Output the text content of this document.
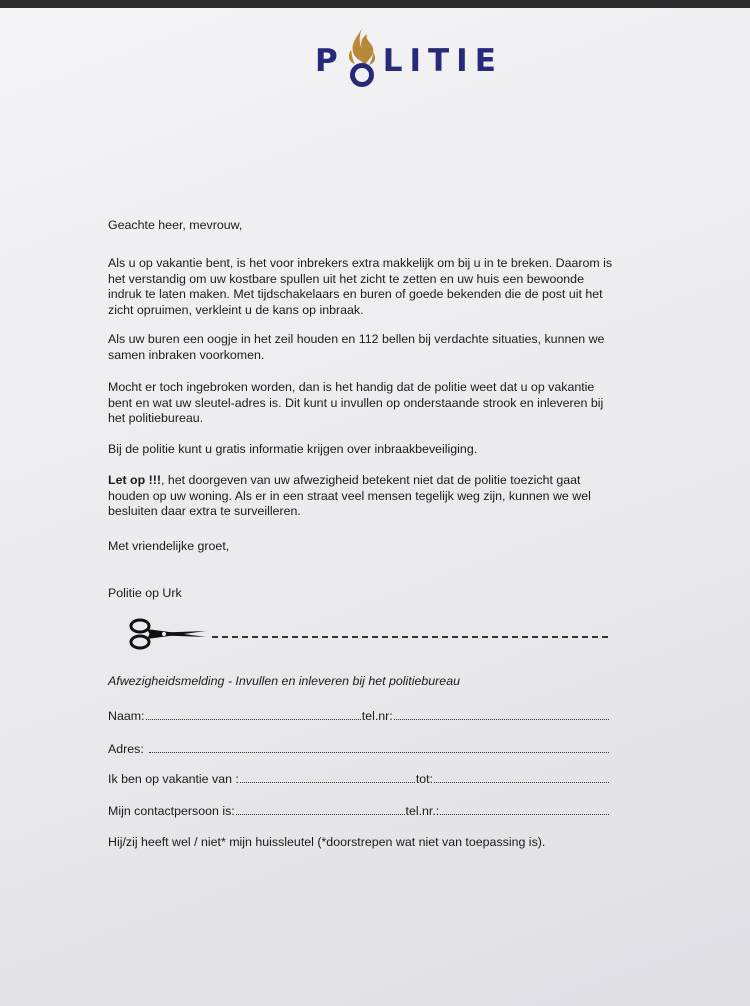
P LITIE
Geachte heer, mevrouw,

Als u op vakantie bent, is het voor inbrekers extra makkelijk om bij u in te breken. Daarom is het verstandig om uw kostbare spullen uit het zicht te zetten en uw huis een bewoonde indruk te laten maken. Met tijdschakelaars en buren of goede bekenden die de post uit het zicht opruimen, verkleint u de kans op inbraak.

Als uw buren een oogje in het zeil houden en 112 bellen bij verdachte situaties, kunnen we samen inbraken voorkomen.

Mocht er toch ingebroken worden, dan is het handig dat de politie weet dat u op vakantie bent en wat uw sleutel-adres is. Dit kunt u invullen op onderstaande strook en inleveren bij het politiebureau.

Bij de politie kunt u gratis informatie krijgen over inbraakbeveiliging.

Let op !!!, het doorgeven van uw afwezigheid betekent niet dat de politie toezicht gaat houden op uw woning. Als er in een straat veel mensen tegelijk weg zijn, kunnen we wel besluiten daar extra te surveilleren.

Met vriendelijke groet,
Politie op Urk
Afwezigheidsmelding - Invullen en inleveren bij het politiebureau
Naam:	tel.nr:
Adres:
Ik ben op vakantie van :	tot:
Mijn contactpersoon is:	tel.nr.:
Hij/zij heeft wel / niet* mijn huissleutel (*doorstrepen wat niet van toepassing is).
